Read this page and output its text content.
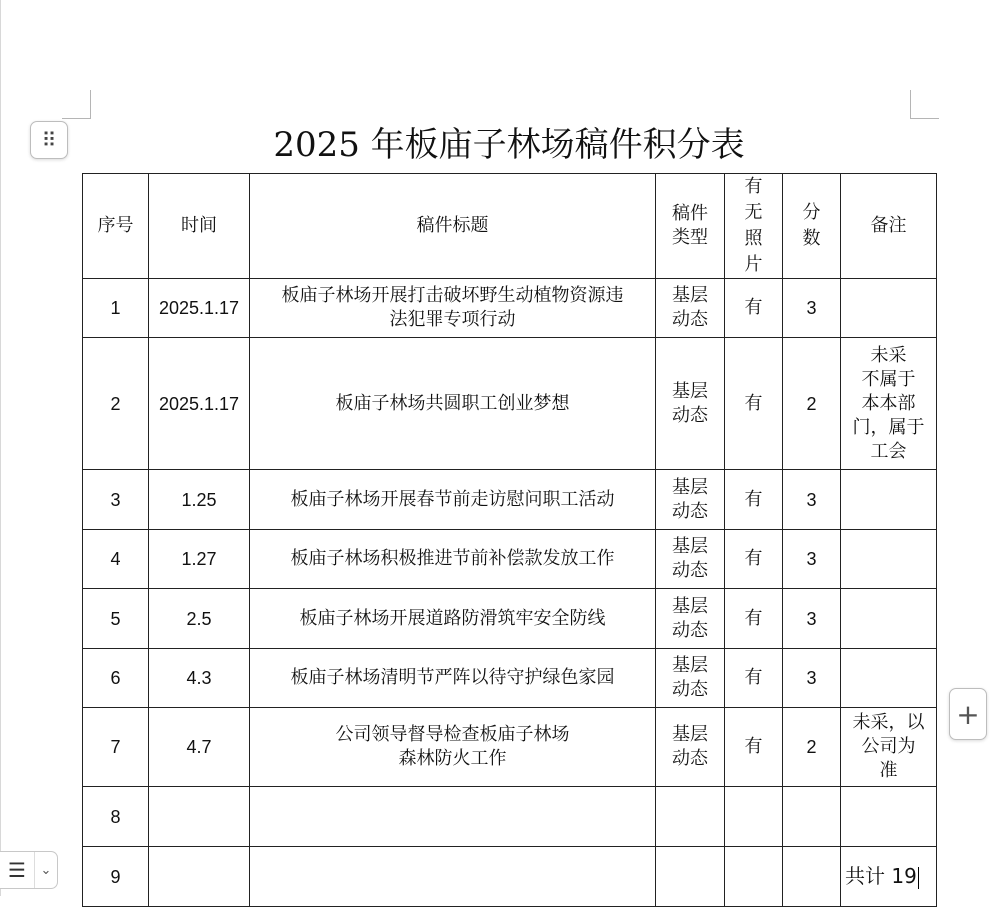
⠿	2025 年板庙子林场稿件积分表
序号	时间	稿件标题	稿件类型	有无照片	分数	备注
1	2025.1.17	板庙子林场开展打击破坏野生动植物资源违
法犯罪专项行动	基层动态	有	3	
2	2025.1.17	板庙子林场共圆职工创业梦想	基层动态	有	2	未采
不属于
本本部
门，属于
工会
3	1.25	板庙子林场开展春节前走访慰问职工活动	基层动态	有	3	
4	1.27	板庙子林场积极推进节前补偿款发放工作	基层动态	有	3	
5	2.5	板庙子林场开展道路防滑筑牢安全防线	基层动态	有	3	
6	4.3	板庙子林场清明节严阵以待守护绿色家园	基层动态	有	3	
7	4.7	公司领导督导检查板庙子林场
森林防火工作	基层动态	有	2	未采，以
公司为
准
8						
9						共计 19
+
☰	⌄
